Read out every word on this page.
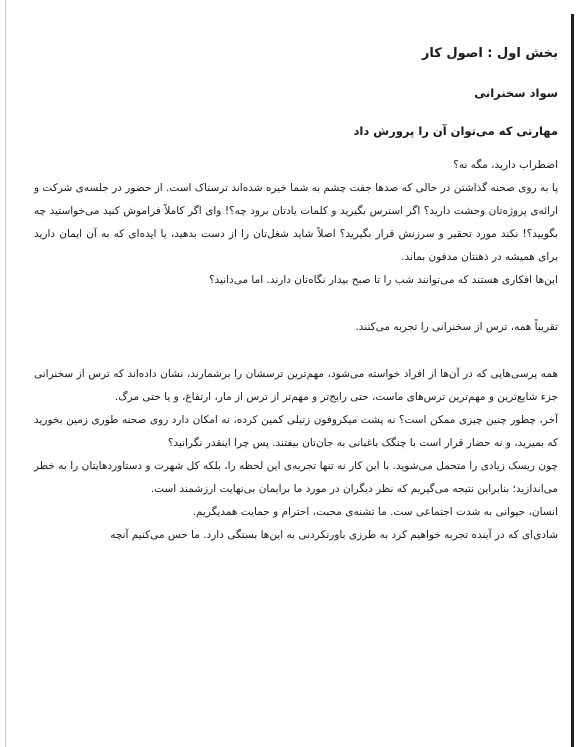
بخش اول : اصول کار
سواد سخنرانی
مهارتی که می‌توان آن را پرورش داد

اضطراب دارید، مگه نه؟

پا به روی صحنه گذاشتن در حالی که صدها جفت چشم به شما خیره شده‌اند ترسناک است. از حضور در جلسه‌ی شرکت و ارائه‌ی پروژه‌تان وحشت دارید؟ اگر استرس بگیرید و کلمات یادتان برود چه؟! وای اگر کاملاً فراموش کنید می‌خواستید چه بگویید؟! نکند مورد تحقیر و سرزنش قرار بگیرید؟ اصلاً شاید شغل‌تان را از دست بدهید، یا ایده‌ای که به آن ایمان دارید برای همیشه در ذهنتان مدفون بماند.

این‌ها افکاری هستند که می‌توانند شب را تا صبح بیدار نگاه‌تان دارند. اما می‌دانید؟

تقریباً همه، ترس از سخنرانی را تجربه می‌کنند.

همه پرسی‌هایی که در آن‌ها از افراد خواسته می‌شود، مهم‌ترین ترسشان را برشمارند، نشان داده‌اند که ترس از سخنرانی جزء شایع‌ترین و مهم‌ترین ترس‌های ماست، حتی رایج‌تر و مهم‌تر از ترس از مار، ارتفاع، و یا حتی مرگ.

آخر، چطور چنین چیزی ممکن است؟ نه پشت میکروفون زتیلی کمین کرده، نه امکان دارد روی صحنه طوری زمین بخورید که بمیرید، و نه حضار قرار است با چنگک باغبانی به جان‌تان بیفتند. پس چرا اینقدر نگرانید؟

چون ریسک زیادی را متحمل می‌شوید. با این کار نه تنها تجربه‌ی این لحظه را، بلکه کل شهرت و دستاوردهایتان را به خطر می‌اندازید؛ بنابراین نتیجه می‌گیریم که نظر دیگران در مورد ما برایمان بی‌نهایت ارزشمند است.

انسان، حیوانی به شدت اجتماعی ست. ما تشنه‌ی محبت، احترام و حمایت همدیگریم.

شادی‌ای که در آینده تجربه خواهیم کرد به طرزی باورنکردنی به این‌ها بستگی دارد. ما حس می‌کنیم آنچه
